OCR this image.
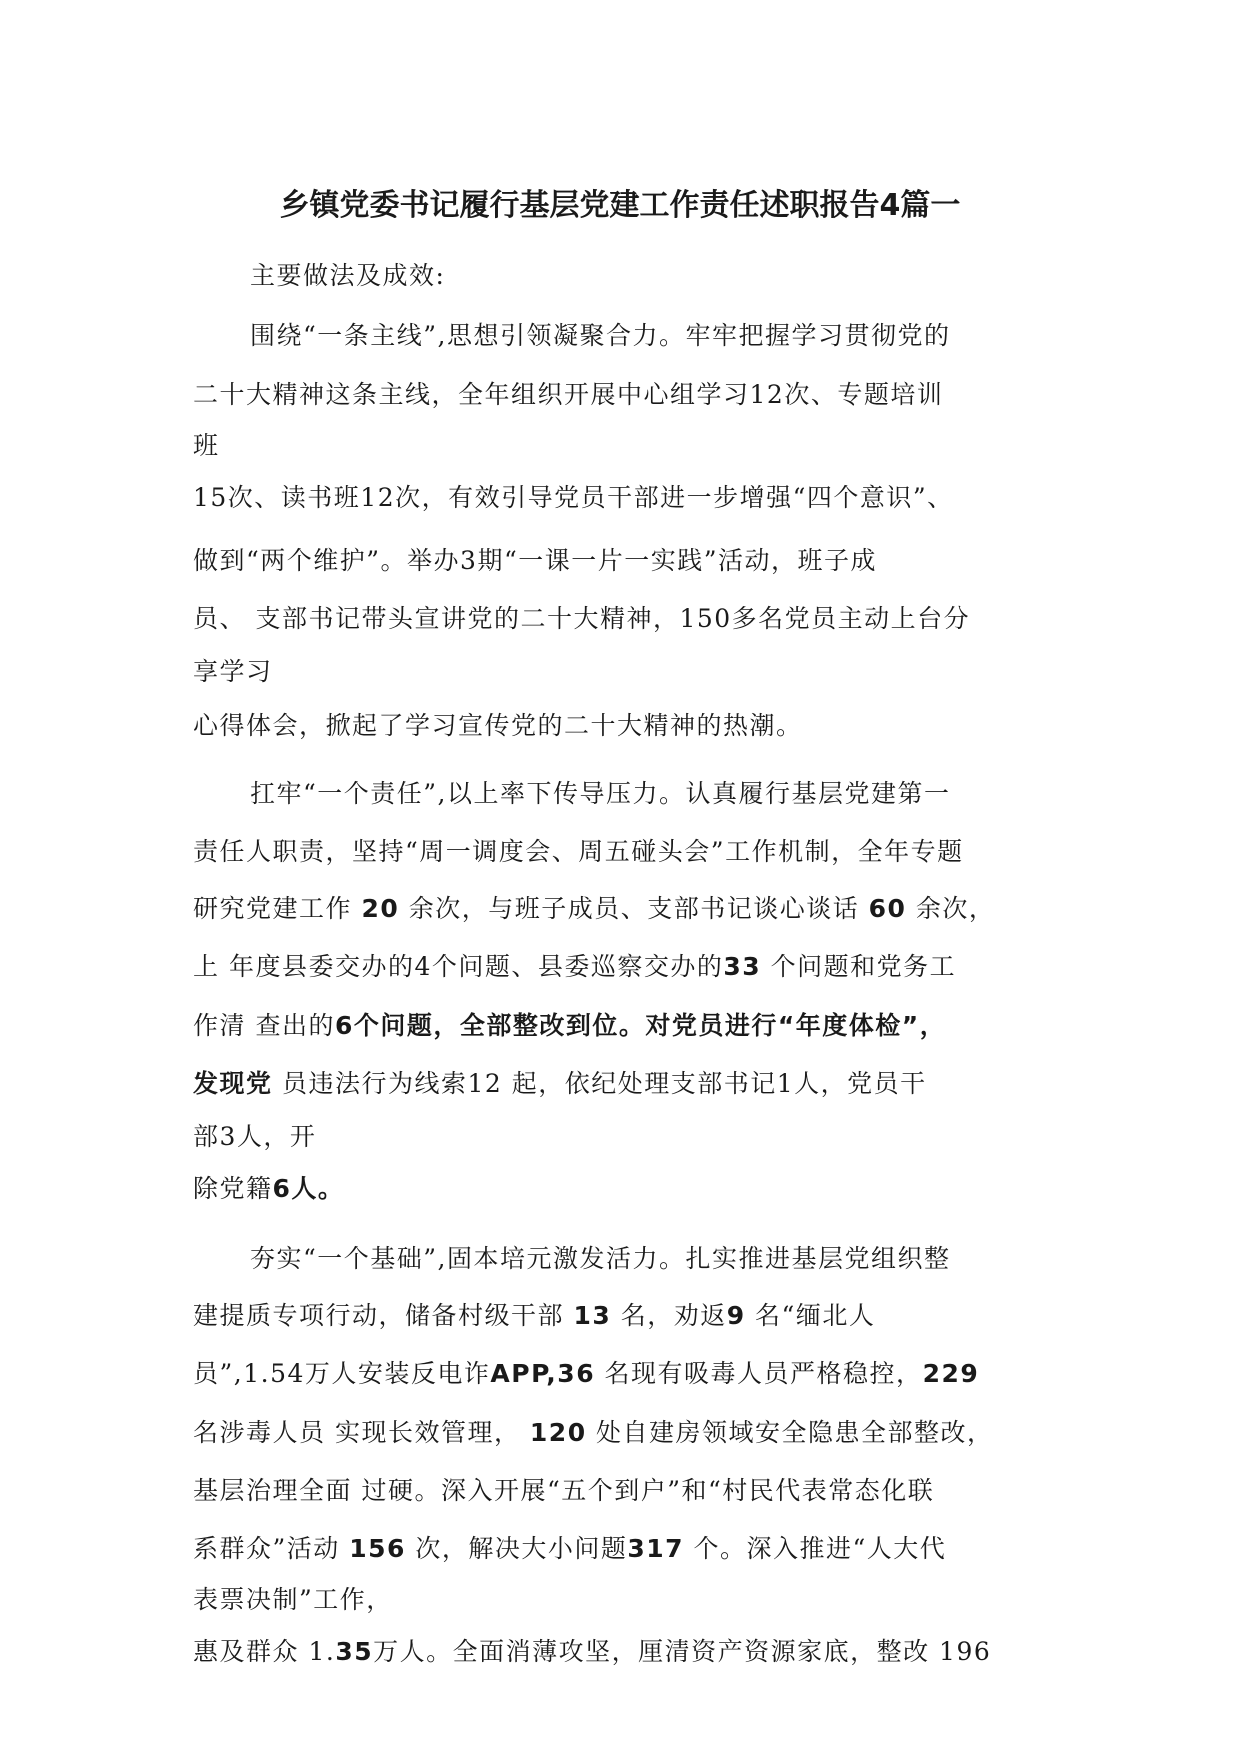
乡镇党委书记履行基层党建工作责任述职报告4篇一
主要做法及成效:
围绕“一条主线”,思想引领凝聚合力。牢牢把握学习贯彻党的
二十大精神这条主线，全年组织开展中心组学习12次、专题培训
班
15次、读书班12次，有效引导党员干部进一步增强“四个意识”、
做到“两个维护”。举办3期“一课一片一实践”活动，班子成
员、 支部书记带头宣讲党的二十大精神，150多名党员主动上台分
享学习
心得体会，掀起了学习宣传党的二十大精神的热潮。
扛牢“一个责任”,以上率下传导压力。认真履行基层党建第一
责任人职责，坚持“周一调度会、周五碰头会”工作机制，全年专题
研究党建工作 20 余次，与班子成员、支部书记谈心谈话 60 余次，
上 年度县委交办的4个问题、县委巡察交办的33 个问题和党务工
作清 查出的6个问题，全部整改到位。对党员进行“年度体检”，
发现党 员违法行为线索12 起，依纪处理支部书记1人，党员干
部3人，开
除党籍6人。
夯实“一个基础”,固本培元激发活力。扎实推进基层党组织整
建提质专项行动，储备村级干部 13 名，劝返9 名“缅北人
员”,1.54万人安装反电诈APP,36 名现有吸毒人员严格稳控，229
名涉毒人员 实现长效管理， 120 处自建房领域安全隐患全部整改，
基层治理全面 过硬。深入开展“五个到户”和“村民代表常态化联
系群众”活动 156 次，解决大小问题317 个。深入推进“人大代
表票决制”工作，
惠及群众 1.35万人。全面消薄攻坚，厘清资产资源家底，整改 196
